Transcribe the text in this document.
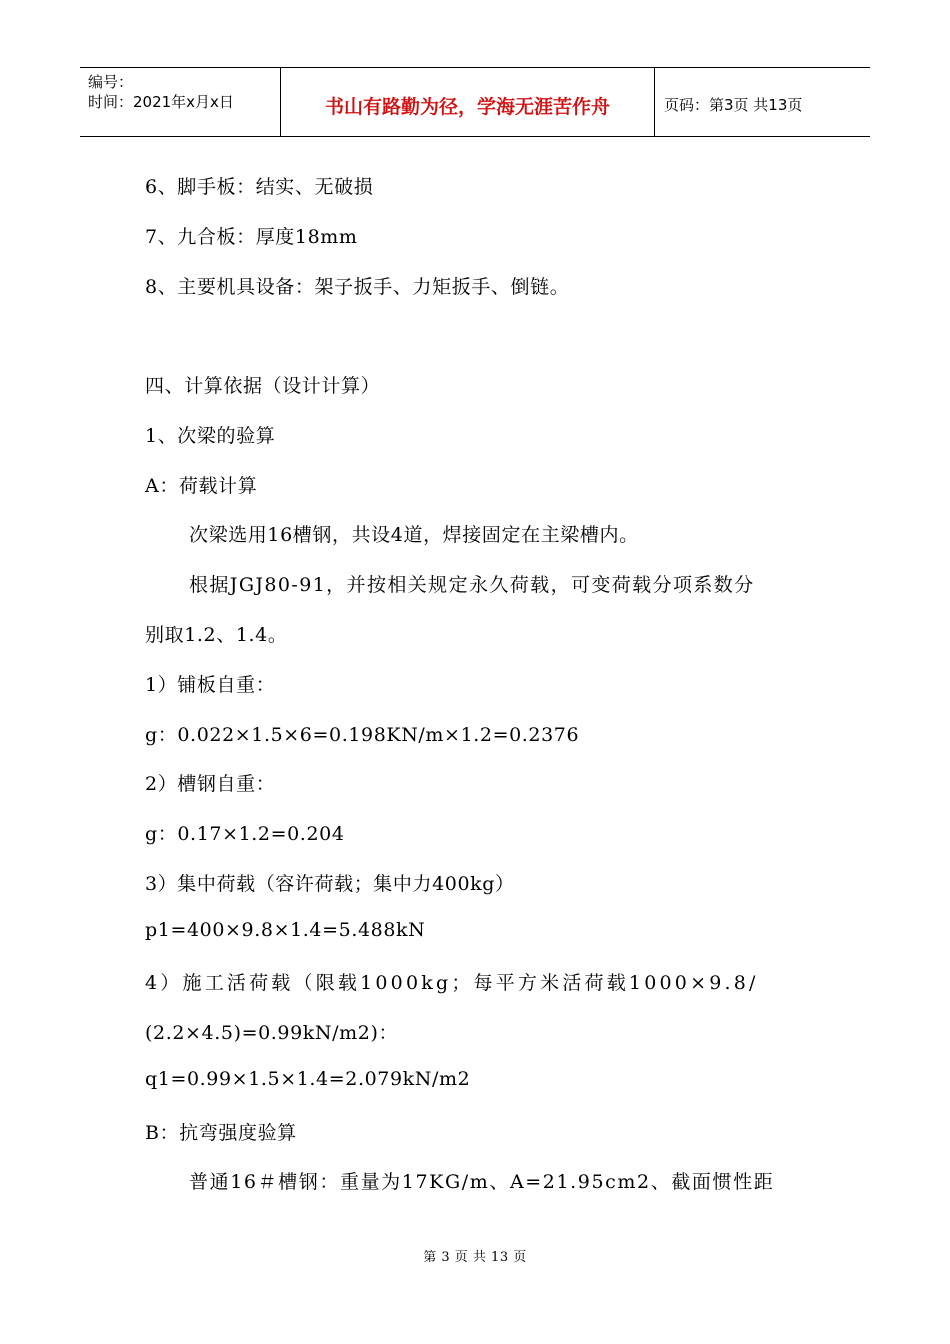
编号：
时间：2021年x月x日	书山有路勤为径，学海无涯苦作舟	页码：第3页 共13页
6、脚手板：结实、无破损
7、九合板：厚度18mm
8、主要机具设备：架子扳手、力矩扳手、倒链。
四、计算依据（设计计算）
1、次梁的验算
A：荷载计算
次梁选用16槽钢，共设4道，焊接固定在主梁槽内。
根据JGJ80-91，并按相关规定永久荷载，可变荷载分项系数分
别取1.2、1.4。
1）铺板自重：
g：0.022×1.5×6=0.198KN/m×1.2=0.2376
2）槽钢自重：
g：0.17×1.2=0.204
3）集中荷载（容许荷载；集中力400kg）
p1=400×9.8×1.4=5.488kN
4）施工活荷载（限载1000kg；每平方米活荷载1000×9.8/
(2.2×4.5)=0.99kN/m2)：
q1=0.99×1.5×1.4=2.079kN/m2
B：抗弯强度验算
普通16＃槽钢：重量为17KG/m、A=21.95cm2、截面惯性距
第 3 页 共 13 页
